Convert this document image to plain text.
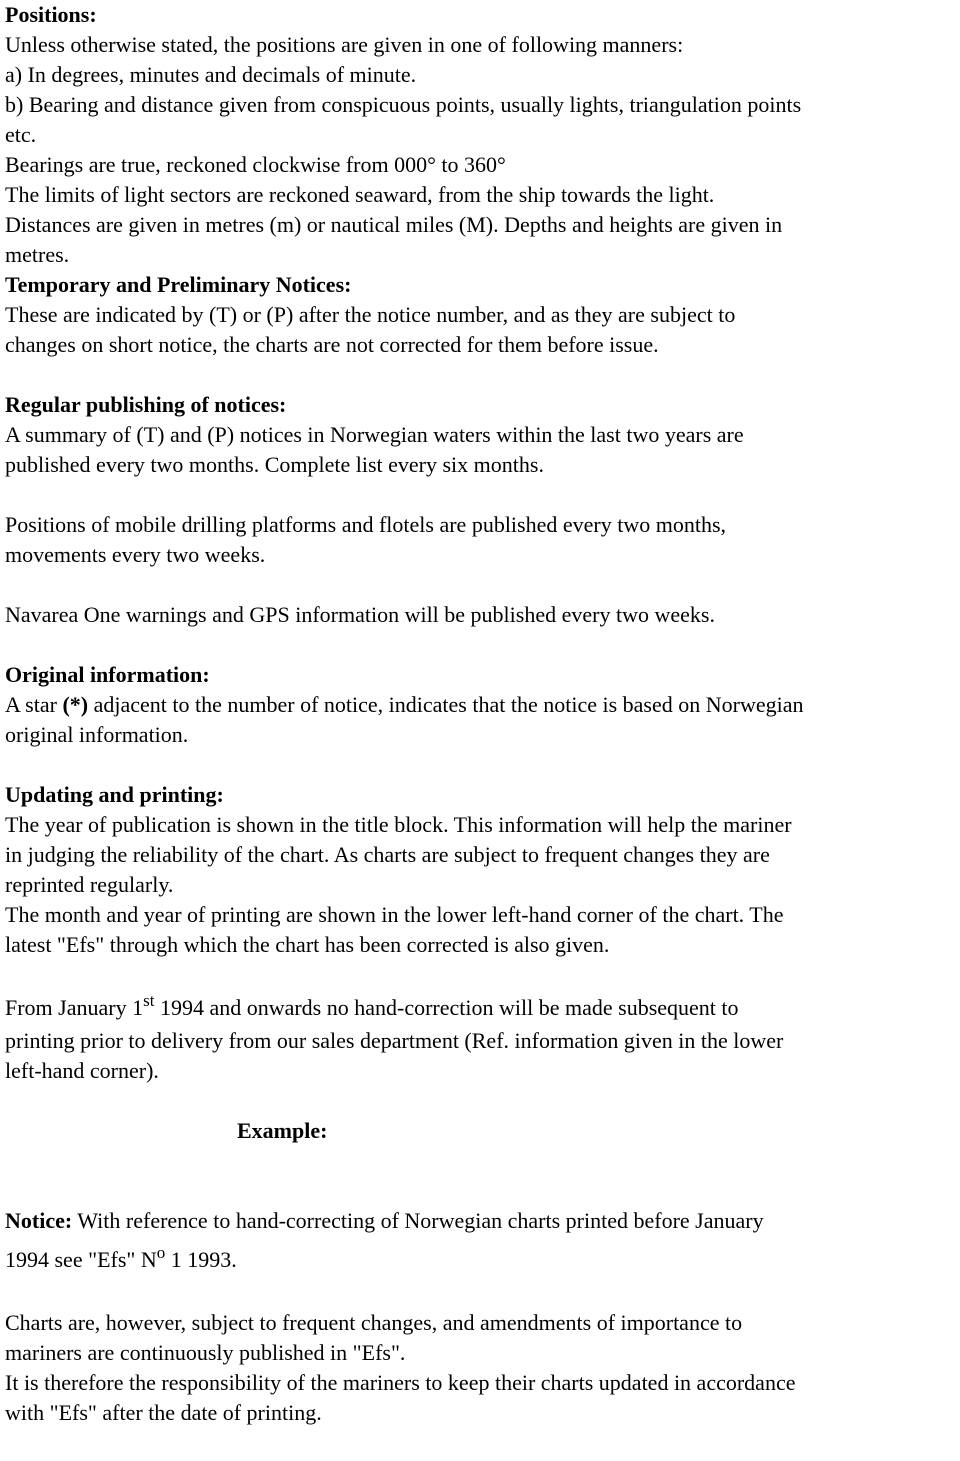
Positions:
Unless otherwise stated, the positions are given in one of following manners:
a) In degrees, minutes and decimals of minute.
b) Bearing and distance given from conspicuous points, usually lights, triangulation points
etc.
Bearings are true, reckoned clockwise from 000° to 360°
The limits of light sectors are reckoned seaward, from the ship towards the light.
Distances are given in metres (m) or nautical miles (M). Depths and heights are given in
metres.
Temporary and Preliminary Notices:
These are indicated by (T) or (P) after the notice number, and as they are subject to
changes on short notice, the charts are not corrected for them before issue.
Regular publishing of notices:
A summary of (T) and (P) notices in Norwegian waters within the last two years are
published every two months. Complete list every six months.
Positions of mobile drilling platforms and flotels are published every two months,
movements every two weeks.
Navarea One warnings and GPS information will be published every two weeks.
Original information:
A star (*) adjacent to the number of notice, indicates that the notice is based on Norwegian
original information.
Updating and printing:
The year of publication is shown in the title block. This information will help the mariner
in judging the reliability of the chart. As charts are subject to frequent changes they are
reprinted regularly.
The month and year of printing are shown in the lower left-hand corner of the chart. The
latest "Efs" through which the chart has been corrected is also given.
From January 1st 1994 and onwards no hand-correction will be made subsequent to
printing prior to delivery from our sales department (Ref. information given in the lower
left-hand corner).
Example:
Notice: With reference to hand-correcting of Norwegian charts printed before January
1994 see "Efs" $N^o$ 1 1993.
Charts are, however, subject to frequent changes, and amendments of importance to
mariners are continuously published in "Efs".
It is therefore the responsibility of the mariners to keep their charts updated in accordance
with "Efs" after the date of printing.
